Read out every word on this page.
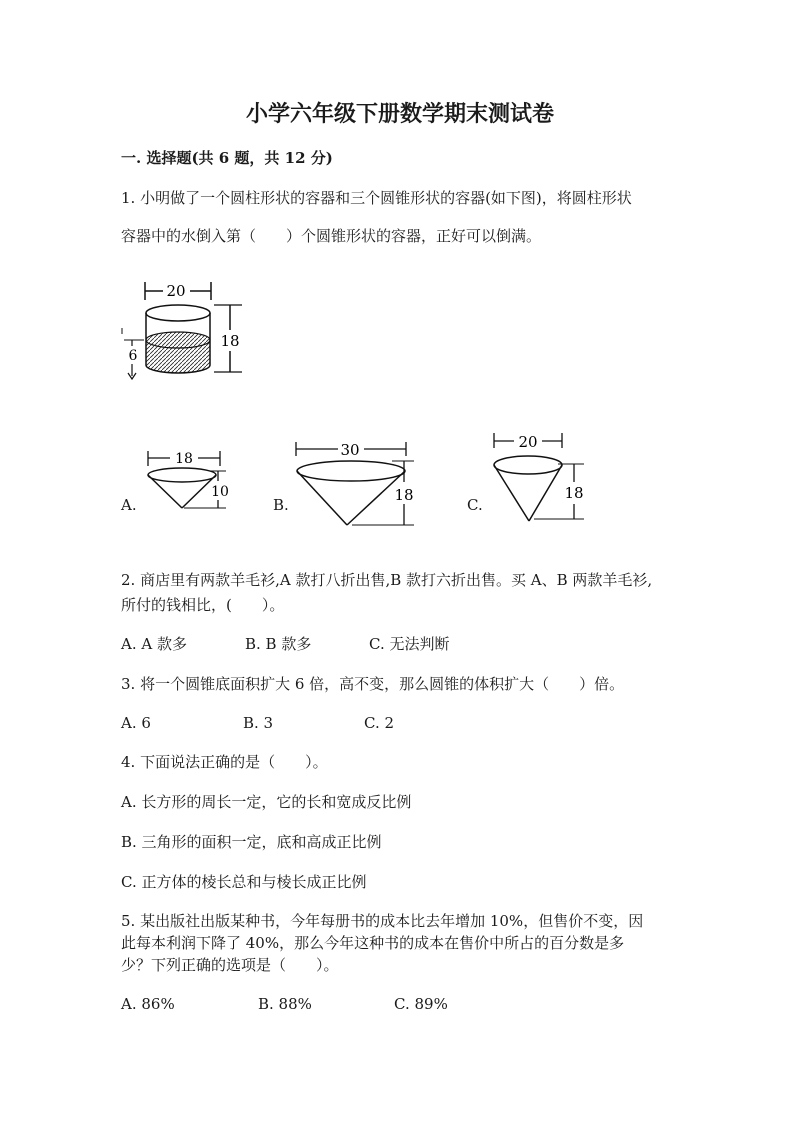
小学六年级下册数学期末测试卷
一. 选择题(共 6 题，共 12 分)
1. 小明做了一个圆柱形状的容器和三个圆锥形状的容器(如下图)，将圆柱形状
容器中的水倒入第（　　）个圆锥形状的容器，正好可以倒满。
20
18
6
A.
18
10
B.
30
18
C.
20
18
2. 商店里有两款羊毛衫,A 款打八折出售,B 款打六折出售。买 A、B 两款羊毛衫,
所付的钱相比，(　　）。
A. A 款多	B. B 款多	C. 无法判断
3. 将一个圆锥底面积扩大 6 倍，高不变，那么圆锥的体积扩大（　　）倍。
A. 6	B. 3	C. 2
4. 下面说法正确的是（　　）。
A. 长方形的周长一定，它的长和宽成反比例
B. 三角形的面积一定，底和高成正比例
C. 正方体的棱长总和与棱长成正比例
5. 某出版社出版某种书，今年每册书的成本比去年增加 10%，但售价不变，因
此每本利润下降了 40%，那么今年这种书的成本在售价中所占的百分数是多
少？下列正确的选项是（　　）。
A. 86%	B. 88%	C. 89%
